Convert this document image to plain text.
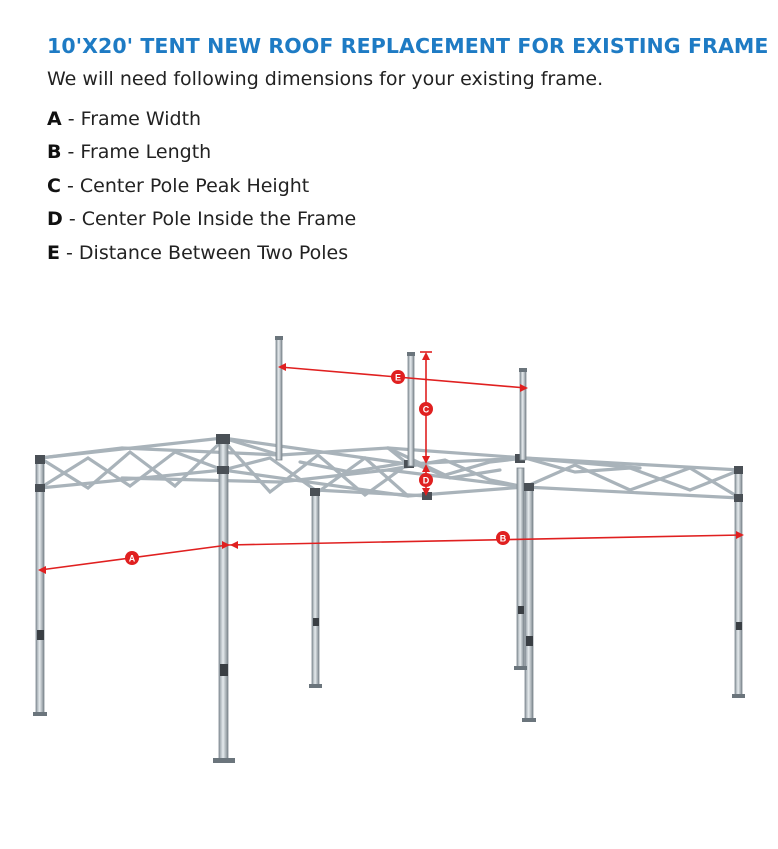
10'X20' TENT NEW ROOF REPLACEMENT FOR EXISTING FRAME

We will need following dimensions for your existing frame.

A - Frame Width
B - Frame Length
C - Center Pole Peak Height
D - Center Pole Inside the Frame
E - Distance Between Two Poles
A
B
C
D
E
